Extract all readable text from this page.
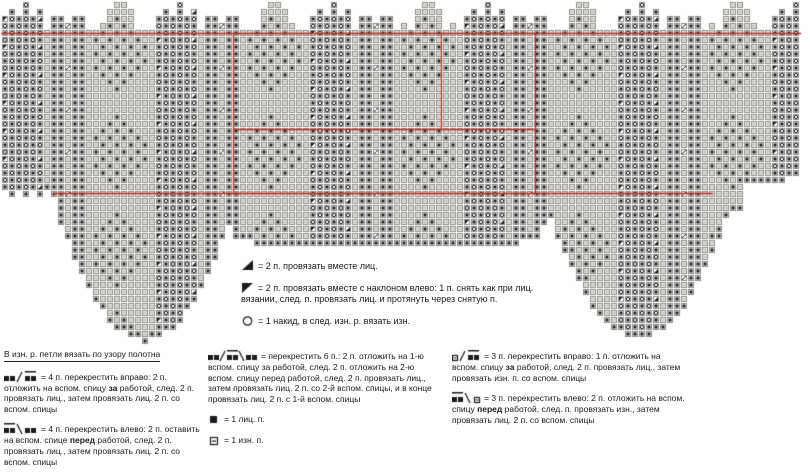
= 2 п. провязать вместе лиц.

= 2 п. провязать вместе с наклоном влево: 1 п. снять как при лиц. вязании, след. п. провязать лиц. и протянуть через снятую п.

= 1 накид, в след. изн. р. вязать изн.

В изн. р. петли вязать по узору полотна

= 4 п. перекрестить вправо: 2 п. отложить на вспом. спицу за работой, след. 2 п. провязать лиц., затем провязать лиц. 2 п. со вспом. спицы

= 4 п. перекрестить влево: 2 п. оставить на вспом. спице перед работой, след. 2 п. провязать лиц., затем провязать лиц. 2 п. со вспом. спицы

= перекрестить 6 п.: 2 п. отложить на 1-ю вспом. спицу за работой, след. 2 п. отложить на 2-ю вспом. спицу перед работой, след. 2 п. провязать лиц., затем провязать лиц. 2 п. со 2-й вспом. спицы, и в конце провязать лиц. 2 п. с 1-й вспом. спицы

= 1 лиц. п.

= 1 изн. п.

= 3 п. перекрестить вправо: 1 п. отложить на вспом. спицу за работой, след. 2 п. провязать лиц., затем провязать изн. п. со вспом. спицы

= 3 п. перекрестить влево: 2 п. отложить на вспом. спицу перед работой, след. п. провязать изн., затем провязать лиц. 2 п. со вспом. спицы
